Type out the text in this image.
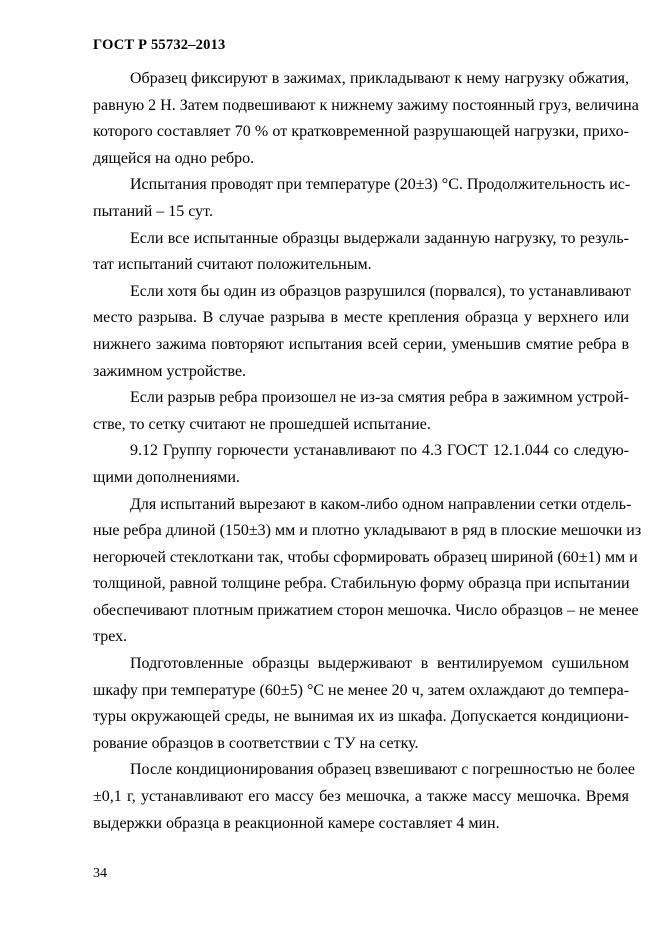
ГОСТ Р 55732–2013
Образец фиксируют в зажимах, прикладывают к нему нагрузку обжатия,
равную 2 Н. Затем подвешивают к нижнему зажиму постоянный груз, величина
которого составляет 70 % от кратковременной разрушающей нагрузки, прихо-
дящейся на одно ребро.
Испытания проводят при температуре (20±3) °С. Продолжительность ис-
пытаний – 15 сут.
Если все испытанные образцы выдержали заданную нагрузку, то резуль-
тат испытаний считают положительным.
Если хотя бы один из образцов разрушился (порвался), то устанавливают
место разрыва. В случае разрыва в месте крепления образца у верхнего или
нижнего зажима повторяют испытания всей серии, уменьшив смятие ребра в
зажимном устройстве.
Если разрыв ребра произошел не из-за смятия ребра в зажимном устрой-
стве, то сетку считают не прошедшей испытание.
9.12 Группу горючести устанавливают по 4.3 ГОСТ 12.1.044 со следую-
щими дополнениями.
Для испытаний вырезают в каком-либо одном направлении сетки отдель-
ные ребра длиной (150±3) мм и плотно укладывают в ряд в плоские мешочки из
негорючей стеклоткани так, чтобы сформировать образец шириной (60±1) мм и
толщиной, равной толщине ребра. Стабильную форму образца при испытании
обеспечивают плотным прижатием сторон мешочка. Число образцов – не менее
трех.
Подготовленные образцы выдерживают в вентилируемом сушильном
шкафу при температуре (60±5) °С не менее 20 ч, затем охлаждают до темпера-
туры окружающей среды, не вынимая их из шкафа. Допускается кондициони-
рование образцов в соответствии с ТУ на сетку.
После кондиционирования образец взвешивают с погрешностью не более
±0,1 г, устанавливают его массу без мешочка, а также массу мешочка. Время
выдержки образца в реакционной камере составляет 4 мин.
34
